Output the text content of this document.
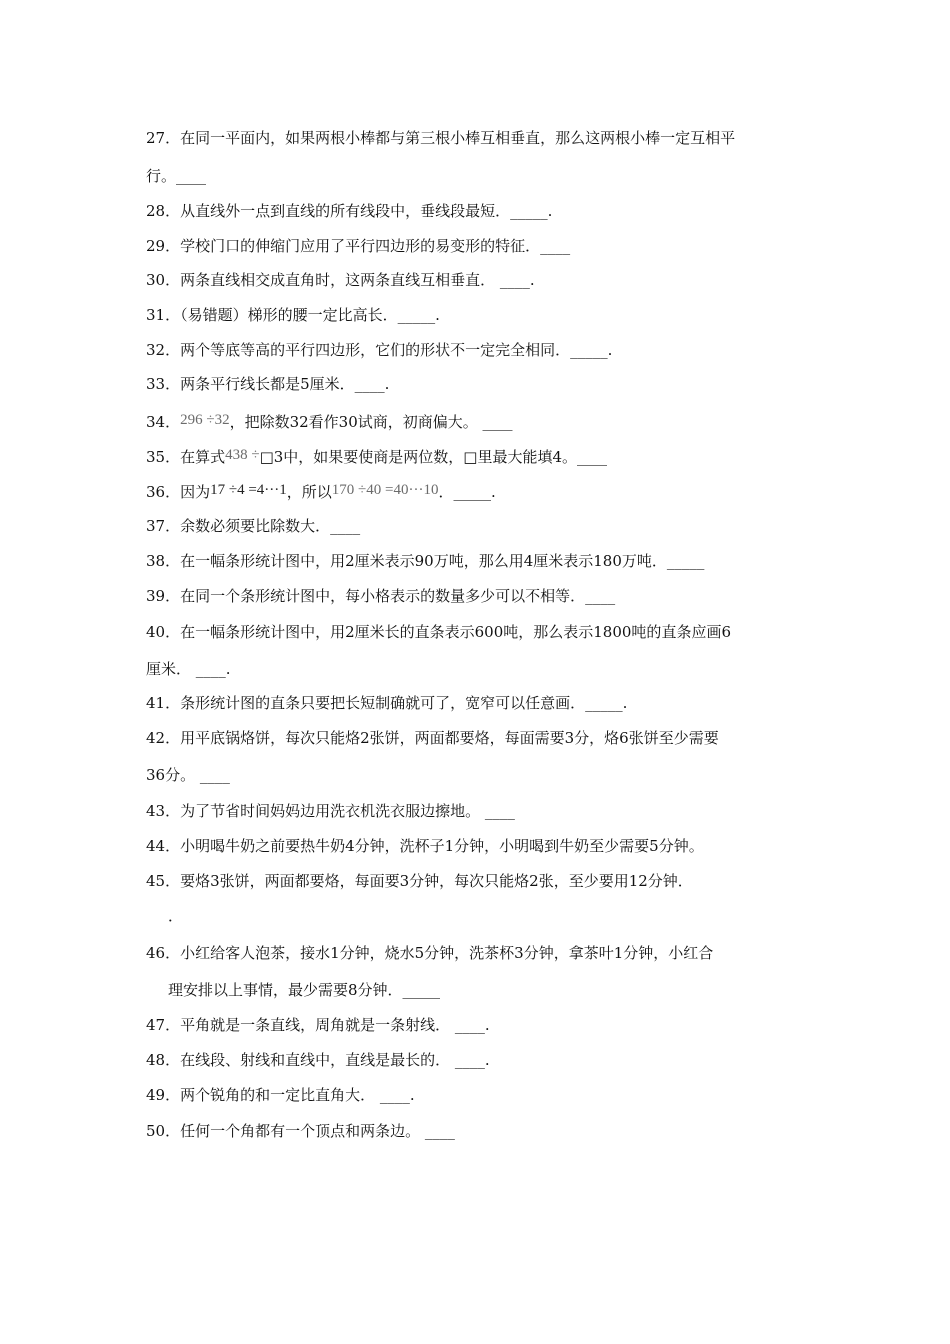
27．在同一平面内，如果两根小棒都与第三根小棒互相垂直，那么这两根小棒一定互相平
行。____
28．从直线外一点到直线的所有线段中，垂线段最短．_____.
29．学校门口的伸缩门应用了平行四边形的易变形的特征．____
30．两条直线相交成直角时，这两条直线互相垂直． ____.
31．（易错题）梯形的腰一定比高长．_____.
32．两个等底等高的平行四边形，它们的形状不一定完全相同．_____.
33．两条平行线长都是5厘米．____.
34．296 ÷32，把除数32看作30试商，初商偏大。 ____
35．在算式438 ÷□3中，如果要使商是两位数，□里最大能填4。____
36．因为17 ÷4 =4···1，所以170 ÷40 =40···10．_____.
37．余数必须要比除数大．____
38．在一幅条形统计图中，用2厘米表示90万吨，那么用4厘米表示180万吨．_____
39．在同一个条形统计图中，每小格表示的数量多少可以不相等．____
40．在一幅条形统计图中，用2厘米长的直条表示600吨，那么表示1800吨的直条应画6
厘米． ____.
41．条形统计图的直条只要把长短制确就可了，宽窄可以任意画．_____.
42．用平底锅烙饼，每次只能烙2张饼，两面都要烙，每面需要3分，烙6张饼至少需要
36分。 ____
43．为了节省时间妈妈边用洗衣机洗衣服边擦地。 ____
44．小明喝牛奶之前要热牛奶4分钟，洗杯子1分钟，小明喝到牛奶至少需要5分钟。
45．要烙3张饼，两面都要烙，每面要3分钟，每次只能烙2张，至少要用12分钟．
．
46．小红给客人泡茶，接水1分钟，烧水5分钟，洗茶杯3分钟，拿茶叶1分钟，小红合
理安排以上事情，最少需要8分钟．_____
47．平角就是一条直线，周角就是一条射线． ____.
48．在线段、射线和直线中，直线是最长的． ____.
49．两个锐角的和一定比直角大． ____.
50．任何一个角都有一个顶点和两条边。 ____
